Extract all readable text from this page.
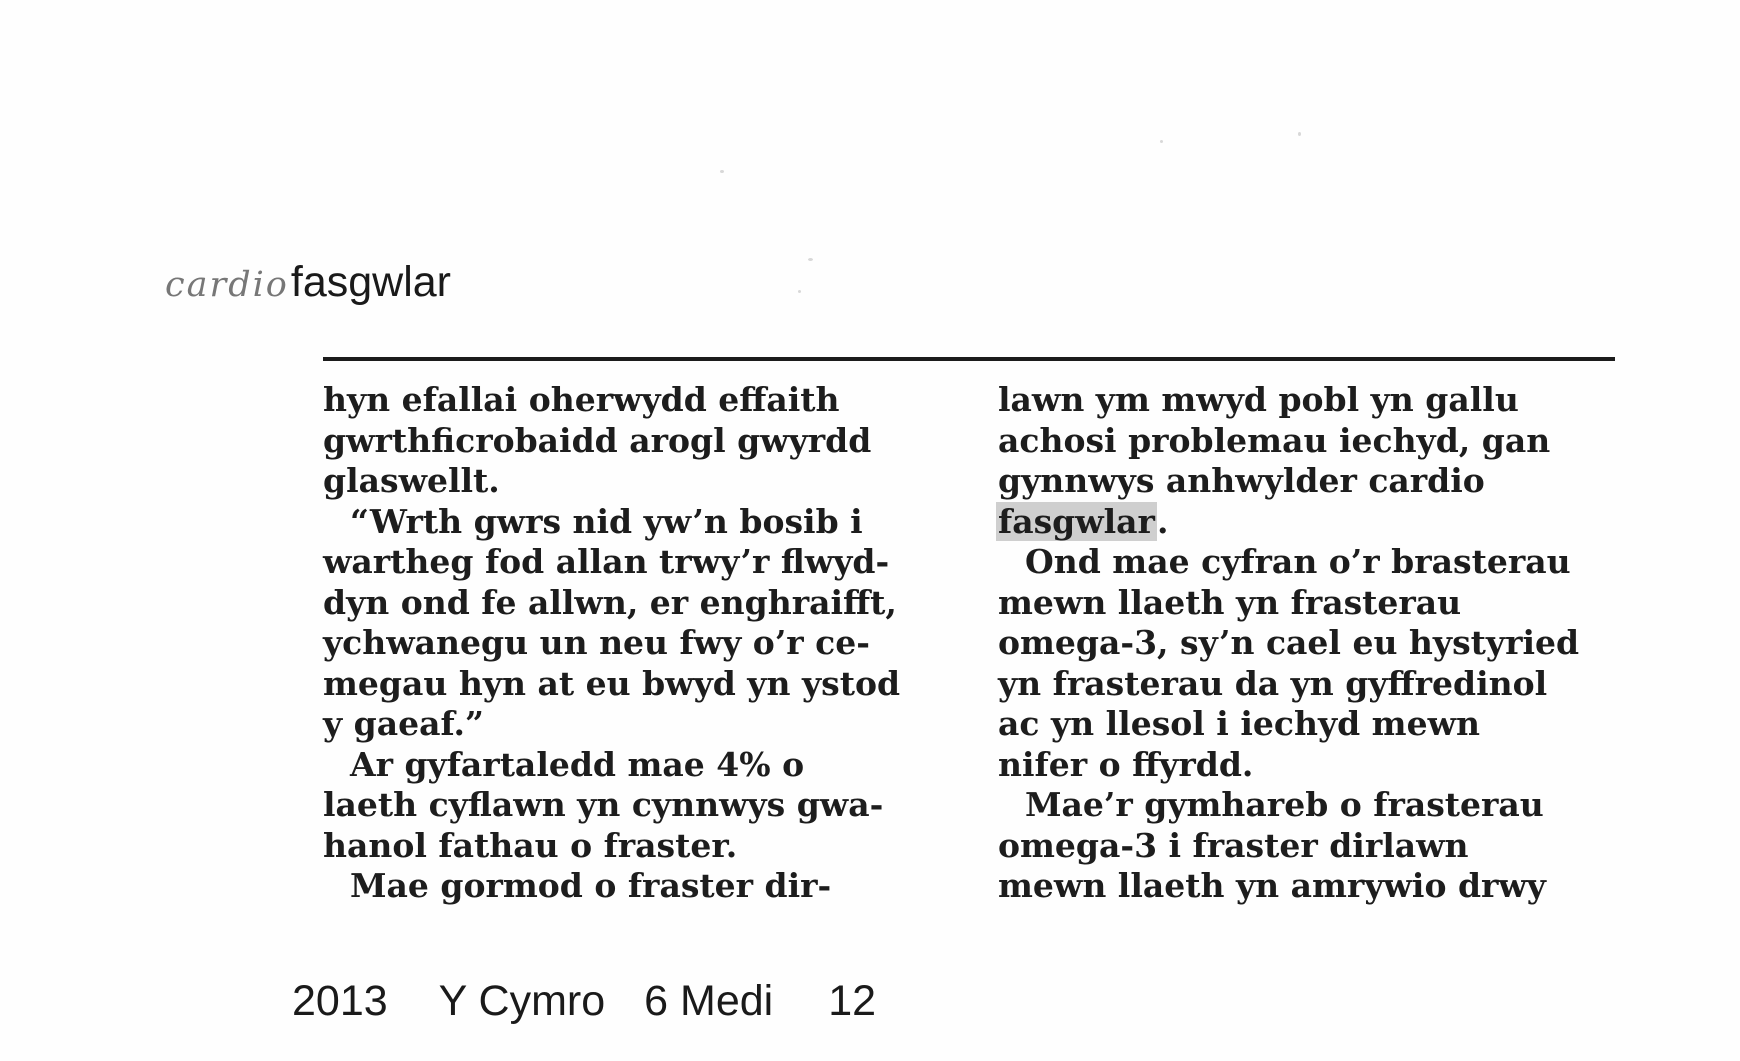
cardio fasgwlar
hyn efallai oherwydd effaith
gwrthficrobaidd arogl gwyrdd
glaswellt.
“Wrth gwrs nid yw’n bosib i
wartheg fod allan trwy’r flwyd-
dyn ond fe allwn, er enghraifft,
ychwanegu un neu fwy o’r ce-
megau hyn at eu bwyd yn ystod
y gaeaf.”
Ar gyfartaledd mae 4% o
laeth cyflawn yn cynnwys gwa-
hanol fathau o fraster.
Mae gormod o fraster dir-
lawn ym mwyd pobl yn gallu
achosi problemau iechyd, gan
gynnwys anhwylder cardio
fasgwlar.
Ond mae cyfran o’r brasterau
mewn llaeth yn frasterau
omega-3, sy’n cael eu hystyried
yn frasterau da yn gyffredinol
ac yn llesol i iechyd mewn
nifer o ffyrdd.
Mae’r gymhareb o frasterau
omega-3 i fraster dirlawn
mewn llaeth yn amrywio drwy
2013 Y Cymro 6 Medi 12
